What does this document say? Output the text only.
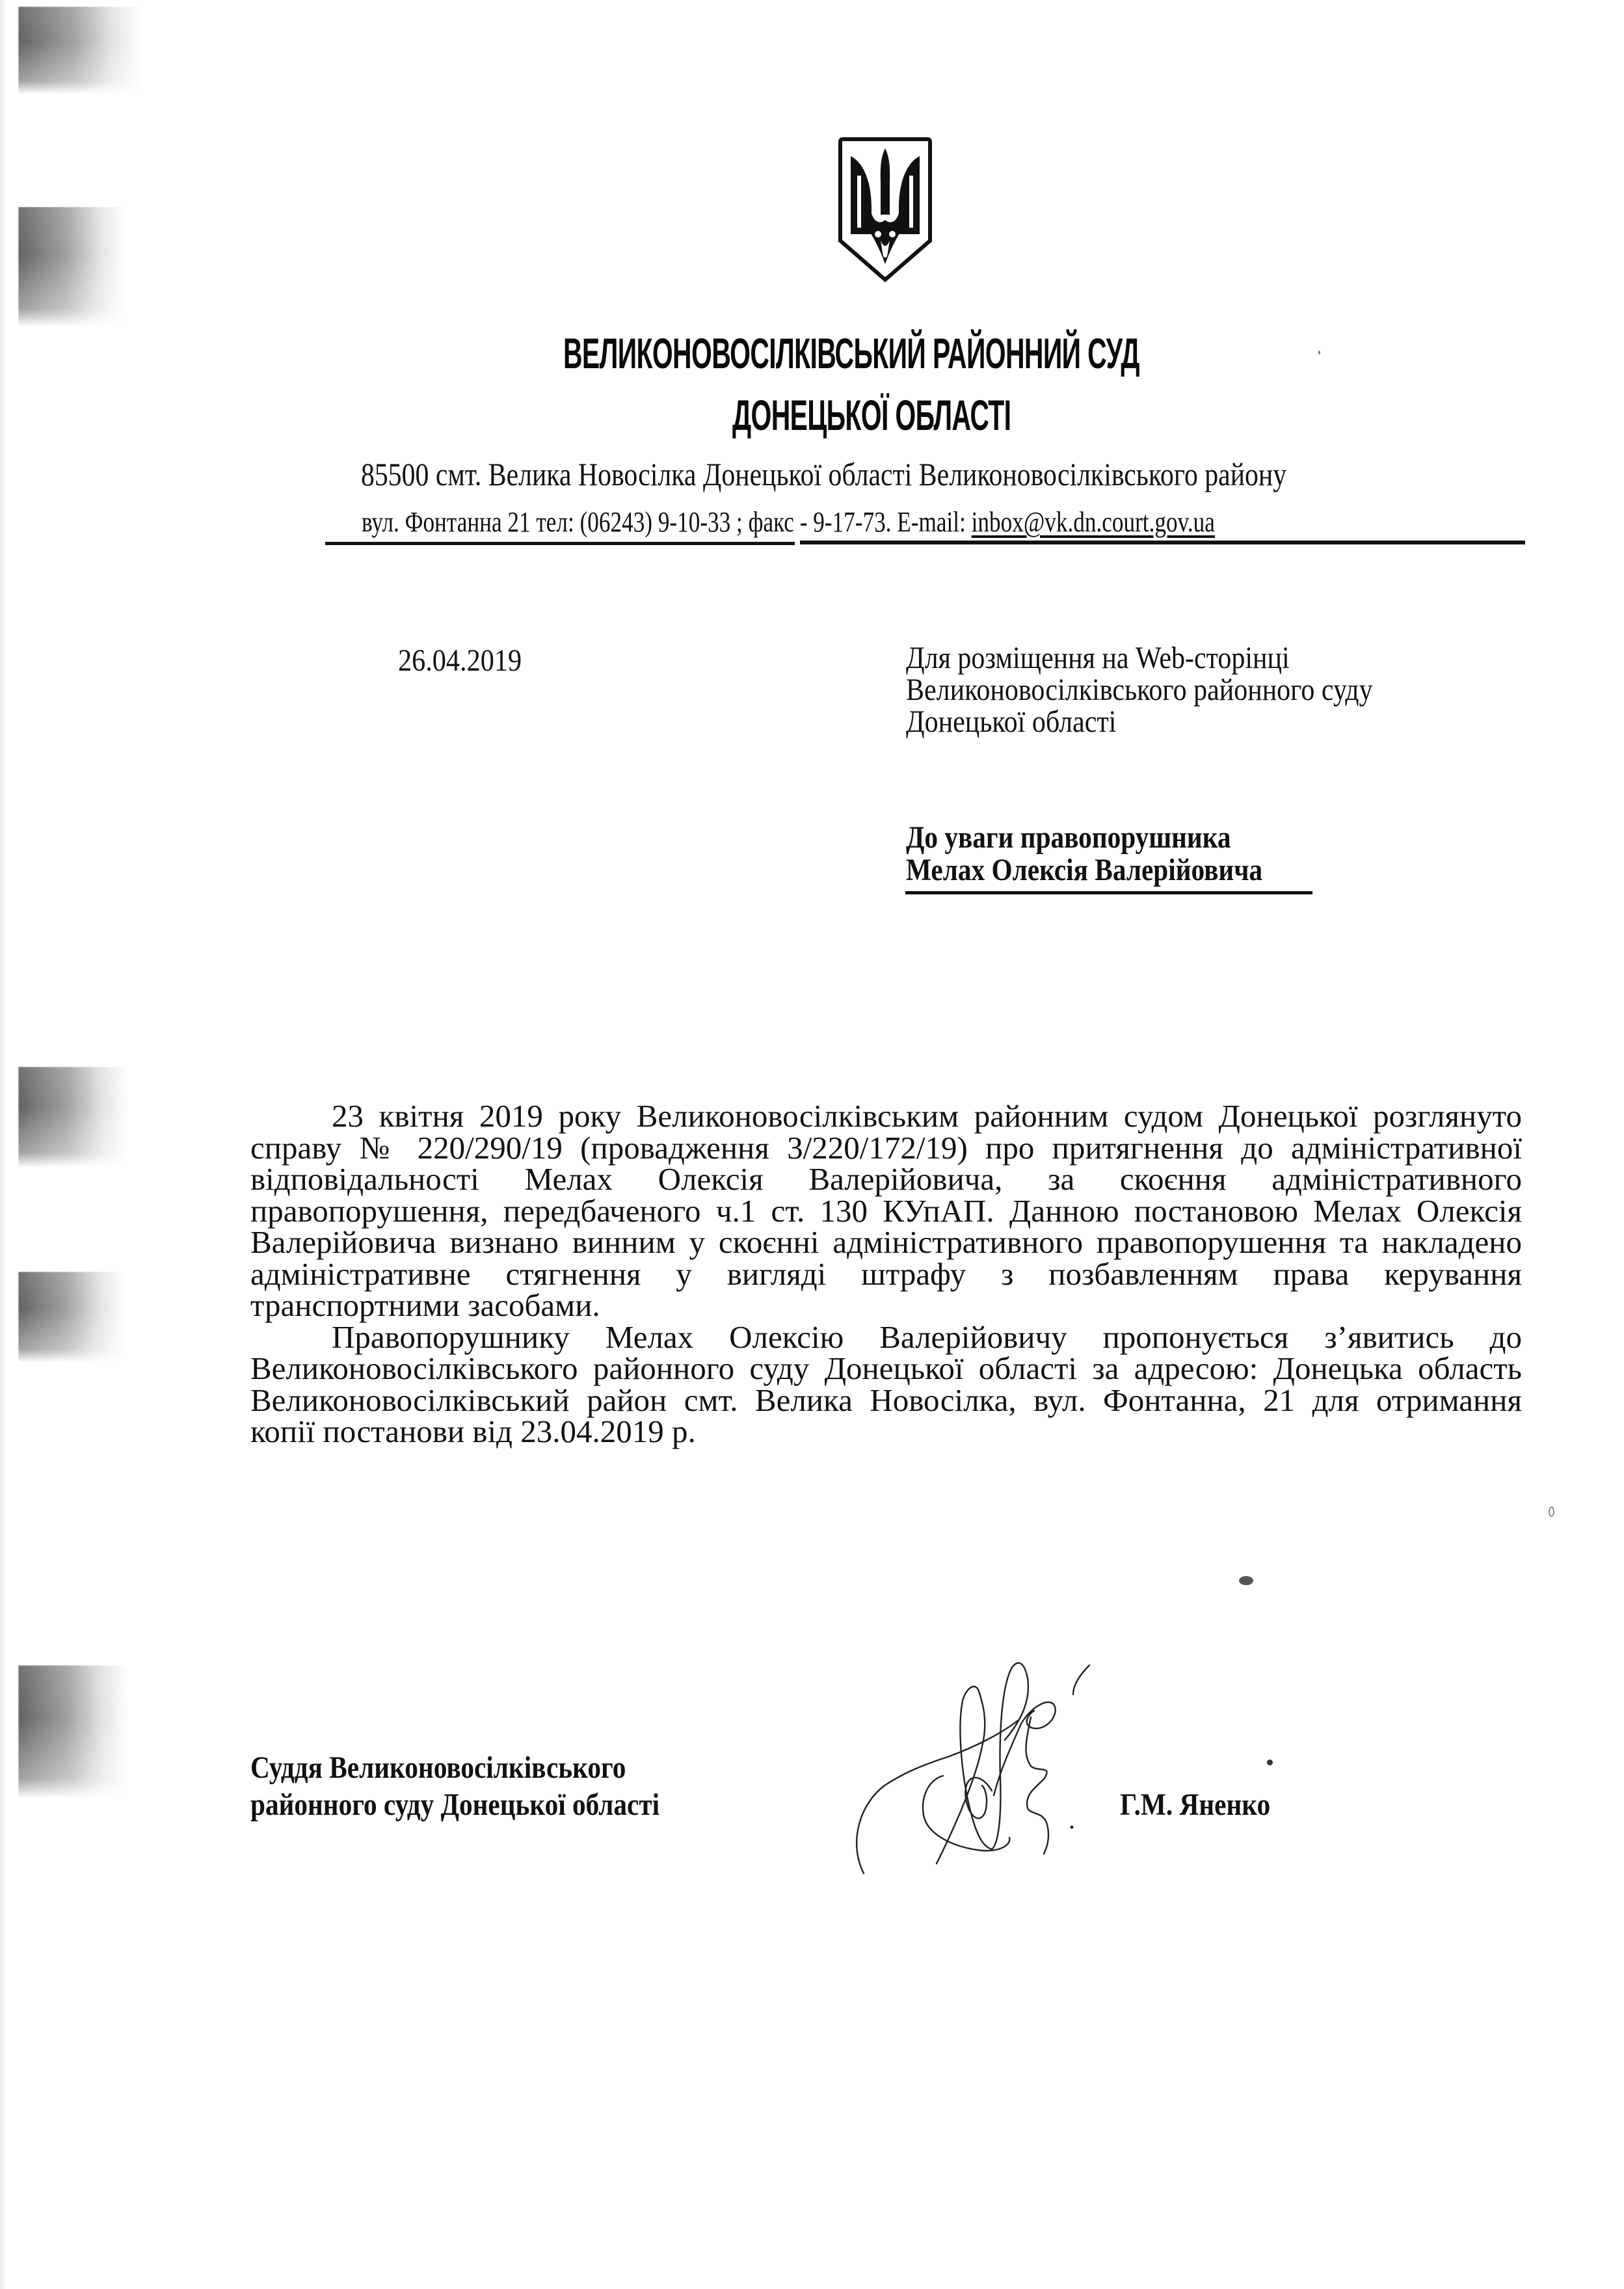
ВЕЛИКОНОВОСІЛКІВСЬКИЙ РАЙОННИЙ СУД
ДОНЕЦЬКОЇ ОБЛАСТІ
85500 смт. Велика Новосілка Донецької області Великоновосілківського району
вул. Фонтанна 21 тел: (06243) 9-10-33 ; факс - 9-17-73. E-mail: inbox@vk.dn.court.gov.ua
26.04.2019	Для розміщення на Web-сторінці
Великоновосілківського районного суду
Донецької області
До уваги правопорушника
Мелах Олексія Валерійовича
23 квітня 2019 року Великоновосілківським районним судом Донецької розглянуто
справу № 220/290/19 (провадження 3/220/172/19) про притягнення до адміністративної
відповідальності Мелах Олексія Валерійовича, за скоєння адміністративного
правопорушення, передбаченого ч.1 ст. 130 КУпАП. Данною постановою Мелах Олексія
Валерійовича визнано винним у скоєнні адміністративного правопорушення та накладено
адміністративне стягнення у вигляді штрафу з позбавленням права керування
транспортними засобами.
Правопорушнику Мелах Олексію Валерійовичу пропонується з’явитись до
Великоновосілківського районного суду Донецької області за адресою: Донецька область
Великоновосілківський район смт. Велика Новосілка, вул. Фонтанна, 21 для отримання
копії постанови від 23.04.2019 р.
Суддя Великоновосілківського
районного суду Донецької області	Г.М. Яненко
